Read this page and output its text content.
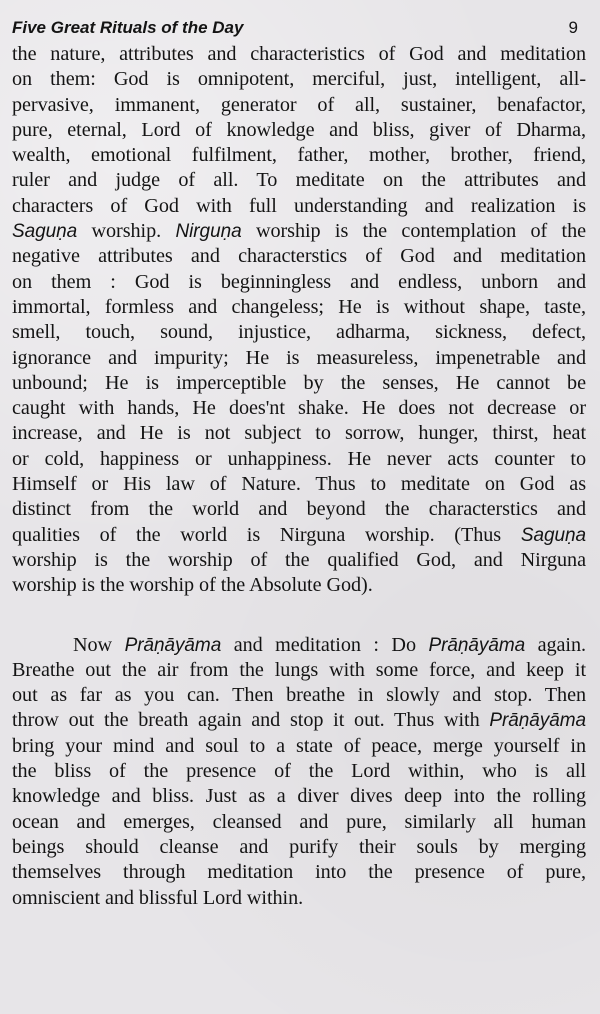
Five Great Rituals of the Day	9
the nature, attributes and characteristics of God and meditation
on them: God is omnipotent, merciful, just, intelligent, all-
pervasive, immanent, generator of all, sustainer, benafactor,
pure, eternal, Lord of knowledge and bliss, giver of Dharma,
wealth, emotional fulfilment, father, mother, brother, friend,
ruler and judge of all. To meditate on the attributes and
characters of God with full understanding and realization is
Saguṇa worship. Nirguṇa worship is the contemplation of the
negative attributes and characterstics of God and meditation
on them : God is beginningless and endless, unborn and
immortal, formless and changeless; He is without shape, taste,
smell, touch, sound, injustice, adharma, sickness, defect,
ignorance and impurity; He is measureless, impenetrable and
unbound; He is imperceptible by the senses, He cannot be
caught with hands, He does'nt shake. He does not decrease or
increase, and He is not subject to sorrow, hunger, thirst, heat
or cold, happiness or unhappiness. He never acts counter to
Himself or His law of Nature. Thus to meditate on God as
distinct from the world and beyond the characterstics and
qualities of the world is Nirguna worship. (Thus Saguṇa
worship is the worship of the qualified God, and Nirguna
worship is the worship of the Absolute God).
Now Prāṇāyāma and meditation : Do Prāṇāyāma again.
Breathe out the air from the lungs with some force, and keep it
out as far as you can. Then breathe in slowly and stop. Then
throw out the breath again and stop it out. Thus with Prāṇāyāma
bring your mind and soul to a state of peace, merge yourself in
the bliss of the presence of the Lord within, who is all
knowledge and bliss. Just as a diver dives deep into the rolling
ocean and emerges, cleansed and pure, similarly all human
beings should cleanse and purify their souls by merging
themselves through meditation into the presence of pure,
omniscient and blissful Lord within.
